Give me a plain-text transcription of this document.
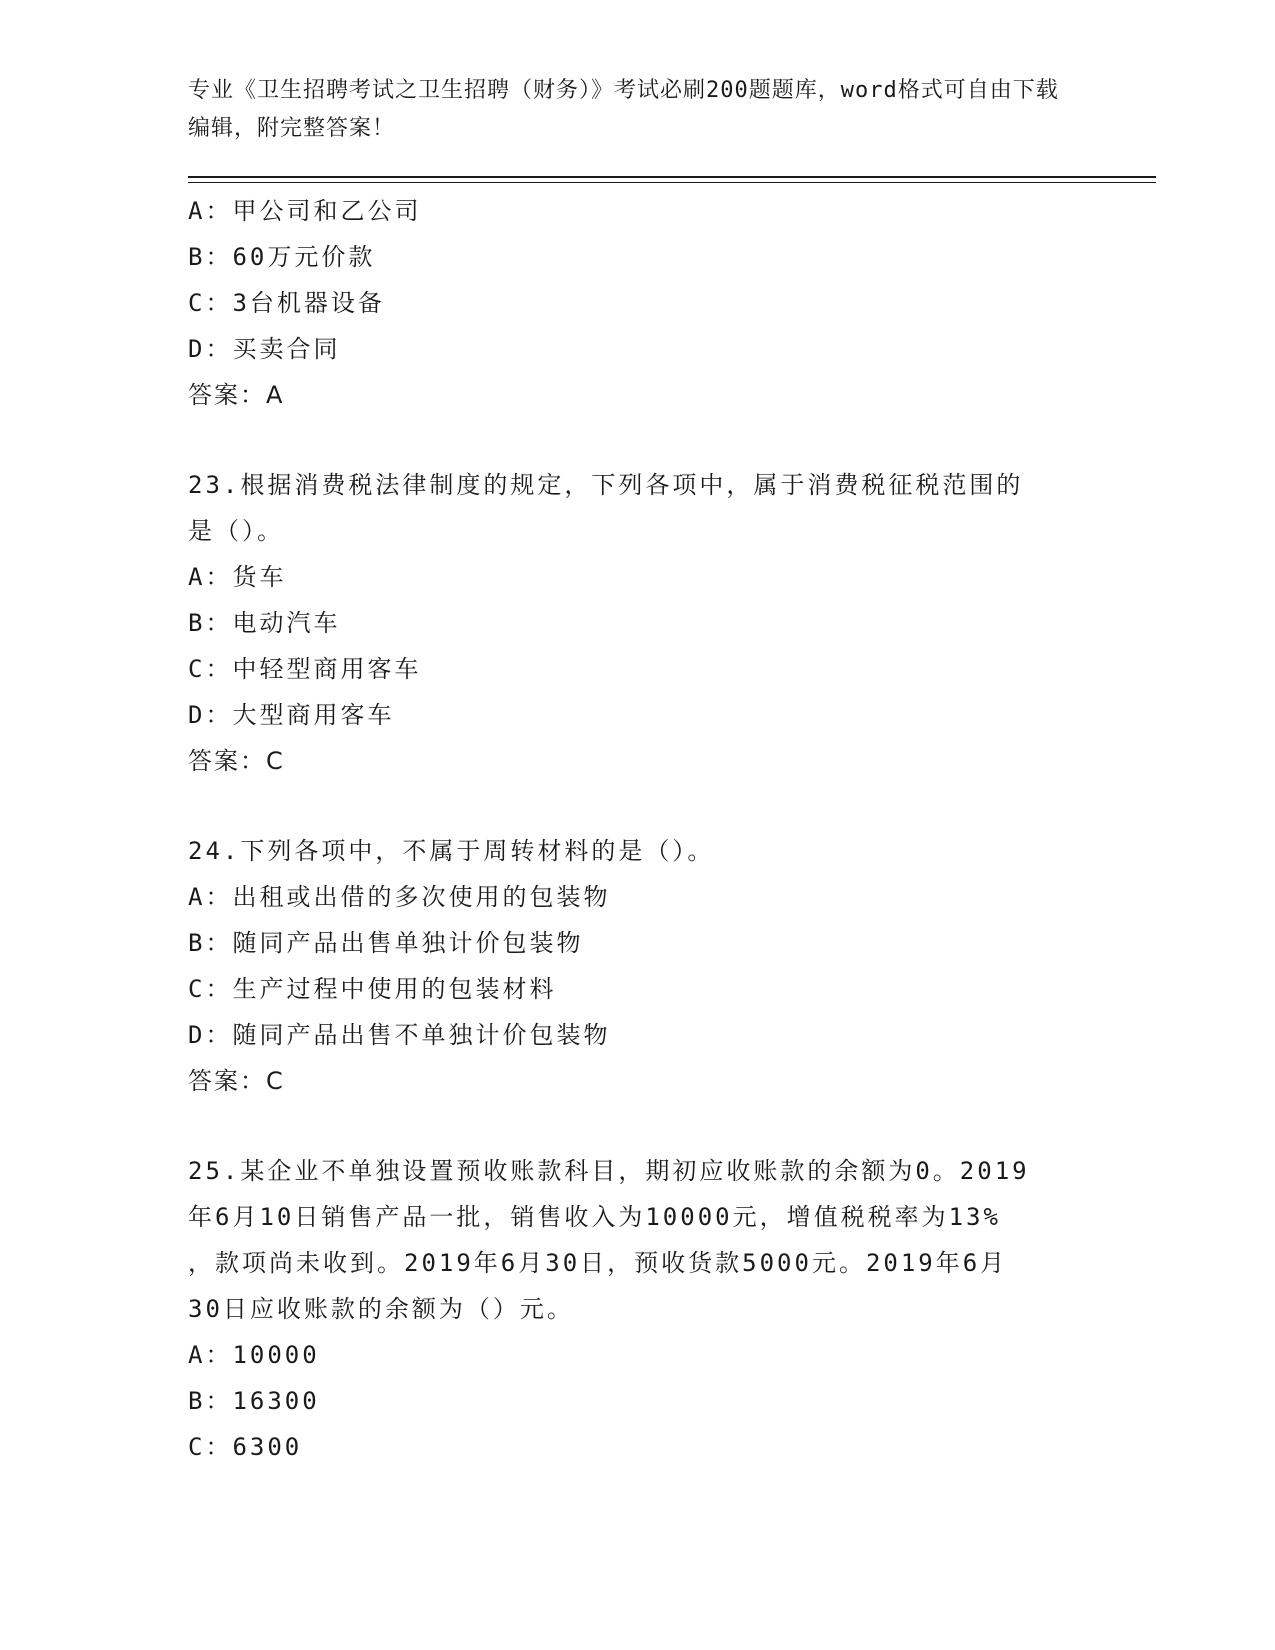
专业《卫生招聘考试之卫生招聘（财务）》考试必刷200题题库，word格式可自由下载编辑，附完整答案！
A：甲公司和乙公司
B：60万元价款
C：3台机器设备
D：买卖合同
答案：A
23.根据消费税法律制度的规定，下列各项中，属于消费税征税范围的
是（）。
A：货车
B：电动汽车
C：中轻型商用客车
D：大型商用客车
答案：C
24.下列各项中，不属于周转材料的是（）。
A：出租或出借的多次使用的包装物
B：随同产品出售单独计价包装物
C：生产过程中使用的包装材料
D：随同产品出售不单独计价包装物
答案：C
25.某企业不单独设置预收账款科目，期初应收账款的余额为0。2019
年6月10日销售产品一批，销售收入为10000元，增值税税率为13%
，款项尚未收到。2019年6月30日，预收货款5000元。2019年6月
30日应收账款的余额为（）元。
A：10000
B：16300
C：6300
